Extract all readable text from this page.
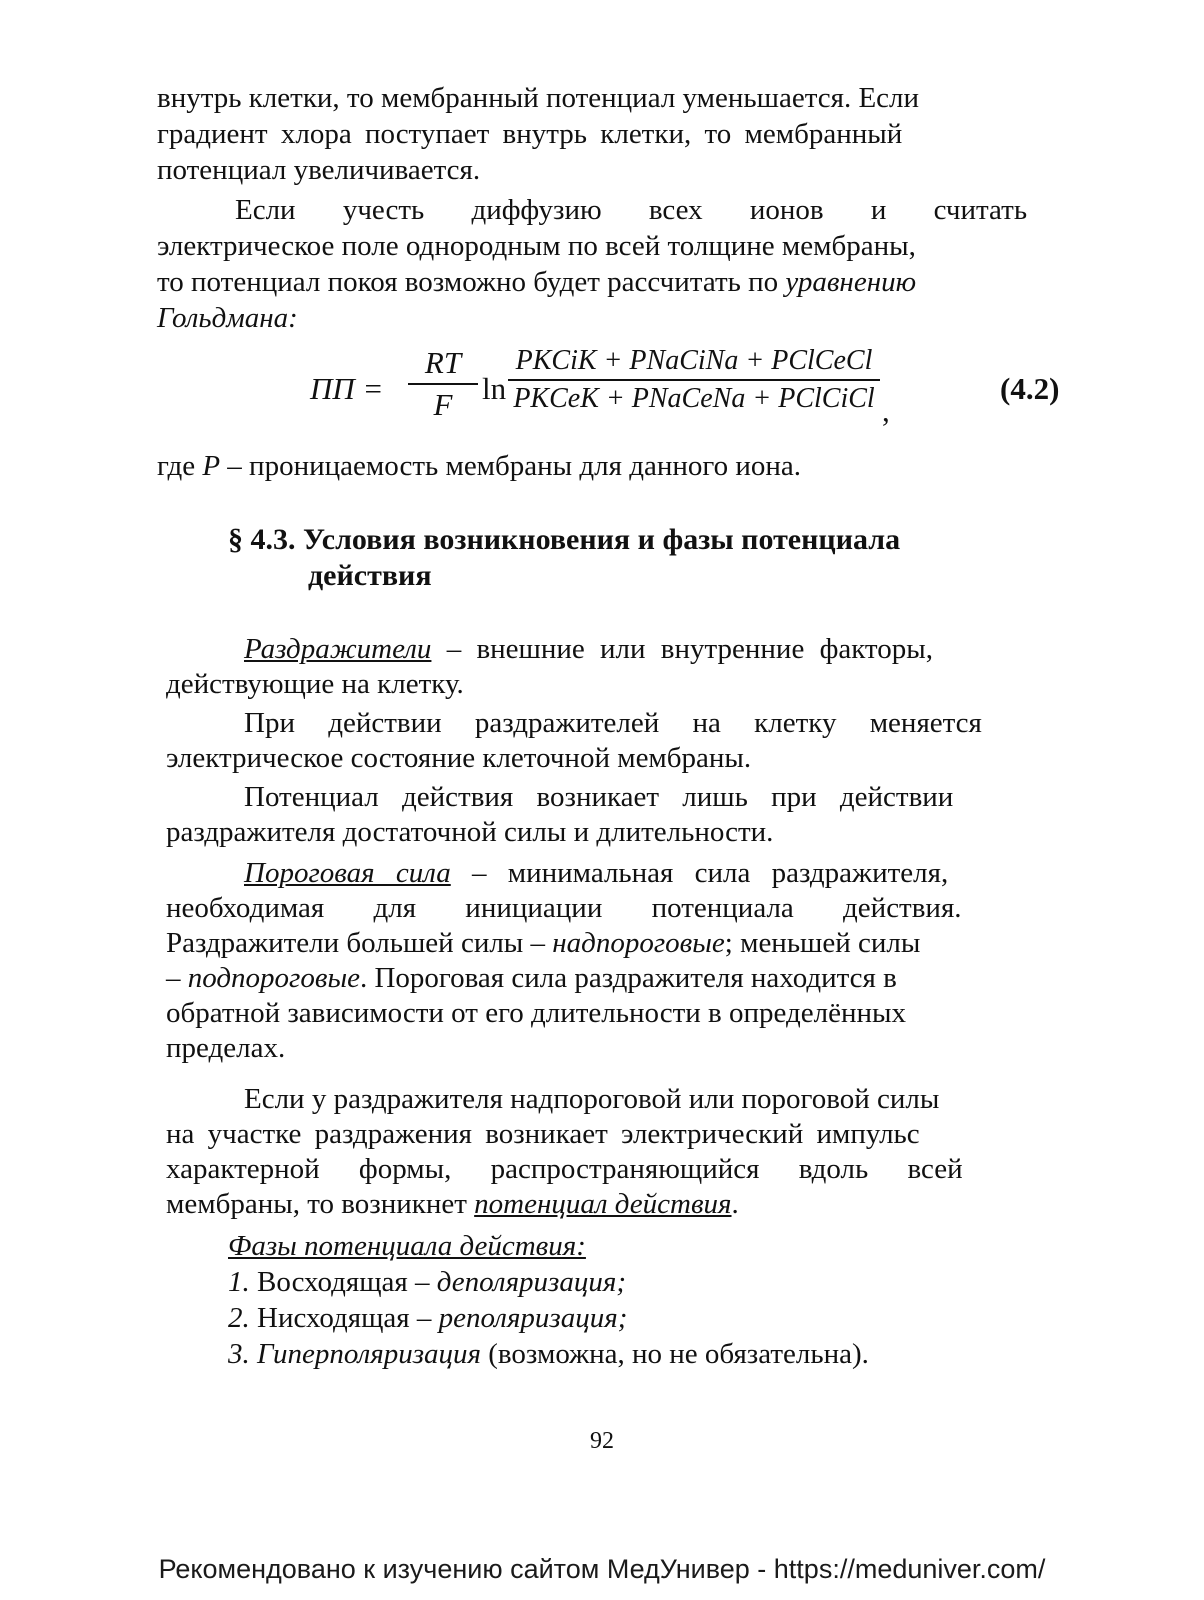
внутрь клетки, то мембранный потенциал уменьшается. Если
градиент хлора поступает внутрь клетки, то мембранный
потенциал увеличивается.
Если учесть диффузию всех ионов и считать
электрическое поле однородным по всей толщине мембраны,
то потенциал покоя возможно будет рассчитать по уравнению
Гольдмана:
ПП =
RT
F ln
PKCiK + PNaCiNa + PClCeCl
PKCeK + PNaCeNa + PClCiCl ,
(4.2)
где P – проницаемость мембраны для данного иона.
§ 4.3. Условия возникновения и фазы потенциала
действия
Раздражители – внешние или внутренние факторы,
действующие на клетку.
При действии раздражителей на клетку меняется
электрическое состояние клеточной мембраны.
Потенциал действия возникает лишь при действии
раздражителя достаточной силы и длительности.
Пороговая сила – минимальная сила раздражителя,
необходимая для инициации потенциала действия.
Раздражители большей силы – надпороговые; меньшей силы
– подпороговые. Пороговая сила раздражителя находится в
обратной зависимости от его длительности в определённых
пределах.
Если у раздражителя надпороговой или пороговой силы
на участке раздражения возникает электрический импульс
характерной формы, распространяющийся вдоль всей
мембраны, то возникнет потенциал действия.
Фазы потенциала действия:
1. Восходящая – деполяризация;
2. Нисходящая – реполяризация;
3. Гиперполяризация (возможна, но не обязательна).
92
Рекомендовано к изучению сайтом МедУнивер - https://meduniver.com/
